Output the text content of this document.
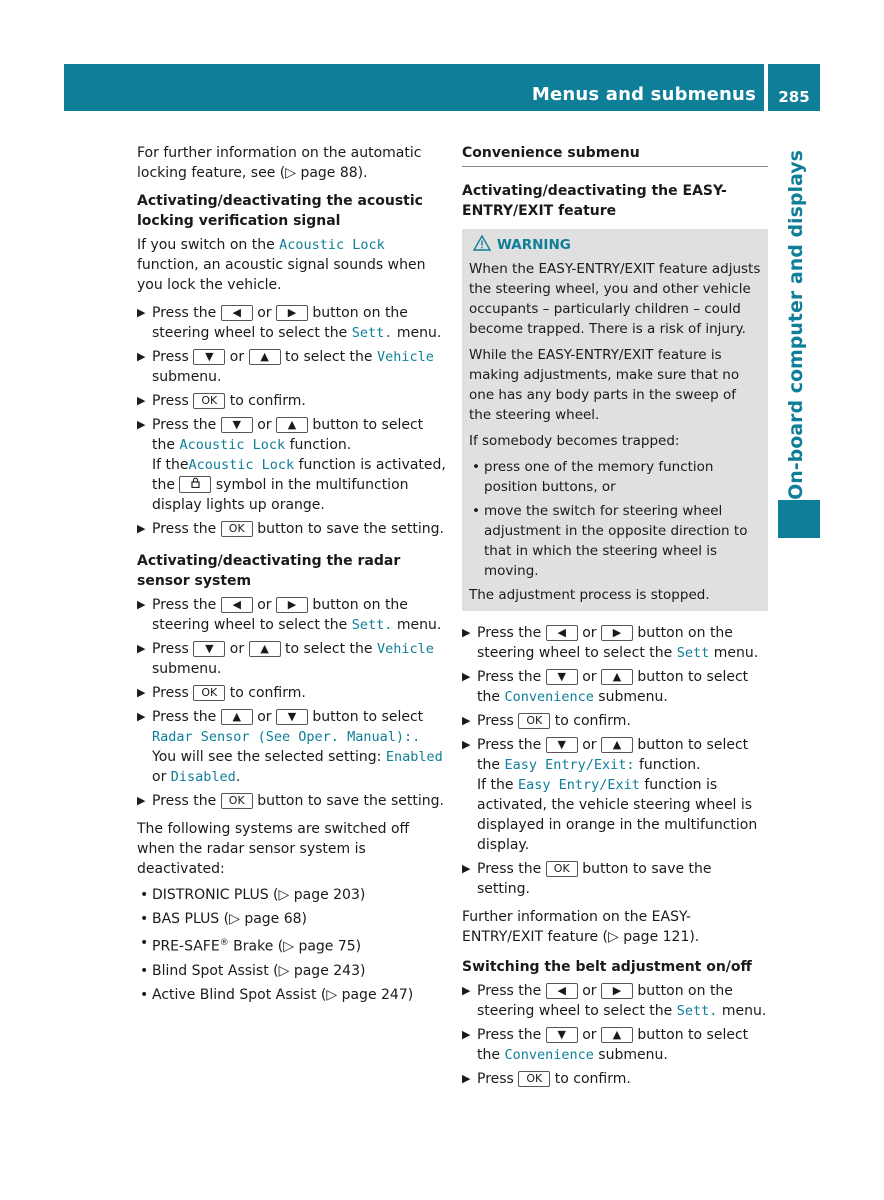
Menus and submenus	285
On-board computer and displays

For further information on the automatic locking feature, see (▷ page 88).

Activating/deactivating the acoustic locking verification signal

If you switch on the Acoustic Lock function, an acoustic signal sounds when you lock the vehicle.

▶ Press the ◀ or ▶ button on the steering wheel to select the Sett. menu.
▶ Press ▼ or ▲ to select the Vehicle submenu.
▶ Press OK to confirm.
▶ Press the ▼ or ▲ button to select the Acoustic Lock function.
If theAcoustic Lock function is activated, the	symbol in the multifunction display lights up orange.
▶ Press the OK button to save the setting.
Activating/deactivating the radar sensor system
▶ Press the ◀ or ▶ button on the steering wheel to select the Sett. menu.
▶ Press ▼ or ▲ to select the Vehicle submenu.
▶ Press OK to confirm.
▶ Press the ▲ or ▼ button to select Radar Sensor (See Oper. Manual):.
You will see the selected setting: Enabled or Disabled.
▶ Press the OK button to save the setting.

The following systems are switched off when the radar sensor system is deactivated:

• DISTRONIC PLUS (▷ page 203)
• BAS PLUS (▷ page 68)
• PRE-SAFE® Brake (▷ page 75)
• Blind Spot Assist (▷ page 243)
• Active Blind Spot Assist (▷ page 247)
Convenience submenu
Activating/deactivating the EASY-ENTRY/EXIT feature
WARNING

When the EASY-ENTRY/EXIT feature adjusts the steering wheel, you and other vehicle occupants – particularly children – could become trapped. There is a risk of injury.

While the EASY-ENTRY/EXIT feature is making adjustments, make sure that no one has any body parts in the sweep of the steering wheel.

If somebody becomes trapped:

• press one of the memory function position buttons, or
• move the switch for steering wheel adjustment in the opposite direction to that in which the steering wheel is moving.

The adjustment process is stopped.

▶ Press the ◀ or ▶ button on the steering wheel to select the Sett menu.
▶ Press the ▼ or ▲ button to select the Convenience submenu.
▶ Press OK to confirm.
▶ Press the ▼ or ▲ button to select the Easy Entry/Exit: function.
If the Easy Entry/Exit function is activated, the vehicle steering wheel is displayed in orange in the multifunction display.
▶ Press the OK button to save the setting.

Further information on the EASY-ENTRY/EXIT feature (▷ page 121).

Switching the belt adjustment on/off
▶ Press the ◀ or ▶ button on the steering wheel to select the Sett. menu.
▶ Press the ▼ or ▲ button to select the Convenience submenu.
▶ Press OK to confirm.
